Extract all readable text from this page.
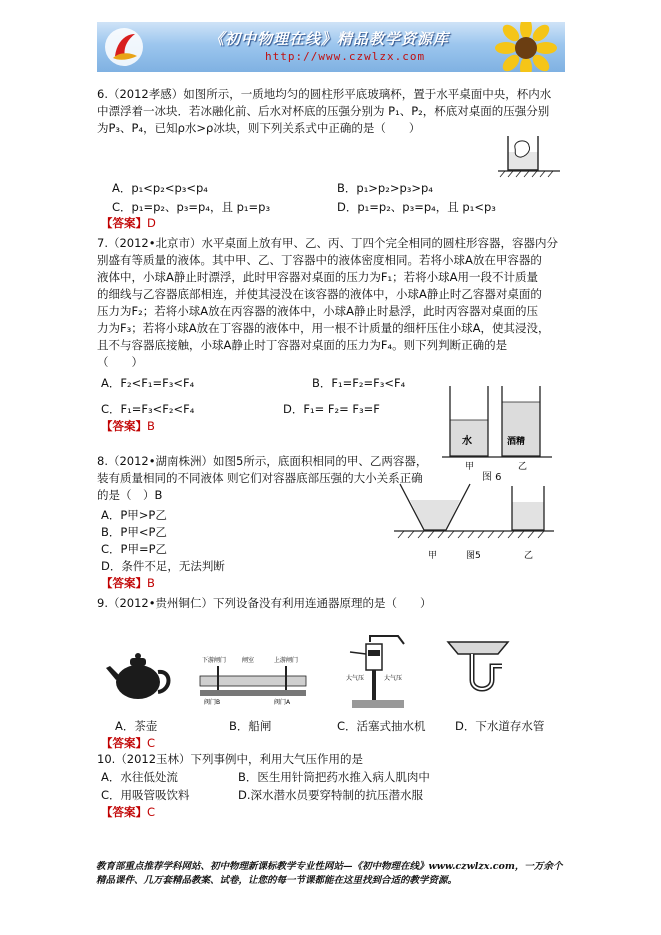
《初中物理在线》精品教学资源库
http://www.czwlzx.com
6.（2012孝感）如图所示，一质地均匀的圆柱形平底玻璃杯，置于水平桌面中央，杯内水
中漂浮着一冰块．若冰融化前、后水对杯底的压强分别为 P₁、P₂，杯底对桌面的压强分别
为P₃、P₄，已知ρ水>ρ冰块，则下列关系式中正确的是（　　）
A．p₁<p₂<p₃<p₄	B．p₁>p₂>p₃>p₄
C．p₁=p₂、p₃=p₄，且 p₁=p₃	D．p₁=p₂、p₃=p₄，且 p₁<p₃
【答案】D
7.（2012•北京市）水平桌面上放有甲、乙、丙、丁四个完全相同的圆柱形容器，容器内分
别盛有等质量的液体。其中甲、乙、丁容器中的液体密度相同。若将小球A放在甲容器的
液体中，小球A静止时漂浮，此时甲容器对桌面的压力为F₁；若将小球A用一段不计质量
的细线与乙容器底部相连，并使其浸没在该容器的液体中，小球A静止时乙容器对桌面的
压力为F₂；若将小球A放在丙容器的液体中，小球A静止时悬浮，此时丙容器对桌面的压
力为F₃；若将小球A放在丁容器的液体中，用一根不计质量的细杆压住小球A，使其浸没，
且不与容器底接触，小球A静止时丁容器对桌面的压力为F₄。则下列判断正确的是
（　　）
A．F₂<F₁=F₃<F₄	B．F₁=F₂=F₃<F₄
C．F₁=F₃<F₂<F₄	D．F₁= F₂= F₃=F
【答案】B
水	酒精
甲	乙
图 6
8.（2012•湖南株洲）如图5所示，底面积相同的甲、乙两容器，
装有质量相同的不同液体 则它们对容器底部压强的大小关系正确
的是（　）B
A．P甲>P乙
B．P甲<P乙
C．P甲=P乙
D．条件不足，无法判断
【答案】B
甲	图5	乙
9.（2012•贵州铜仁）下列设备没有利用连通器原理的是（　　）
下游闸门	闸室	上游闸门
阀门B	阀门A
大气压	大气压
A．茶壶	B．船闸	C．活塞式抽水机	D．下水道存水管
【答案】C
10.（2012玉林）下列事例中，利用大气压作用的是
A．水往低处流	B．医生用针筒把药水推入病人肌肉中
C．用吸管吸饮料	D.深水潜水员要穿特制的抗压潜水服
【答案】C
教育部重点推荐学科网站、初中物理新课标教学专业性网站—《初中物理在线》www.czwlzx.com，一万余个精品课件、几万套精品教案、试卷，让您的每一节课都能在这里找到合适的教学资源。
